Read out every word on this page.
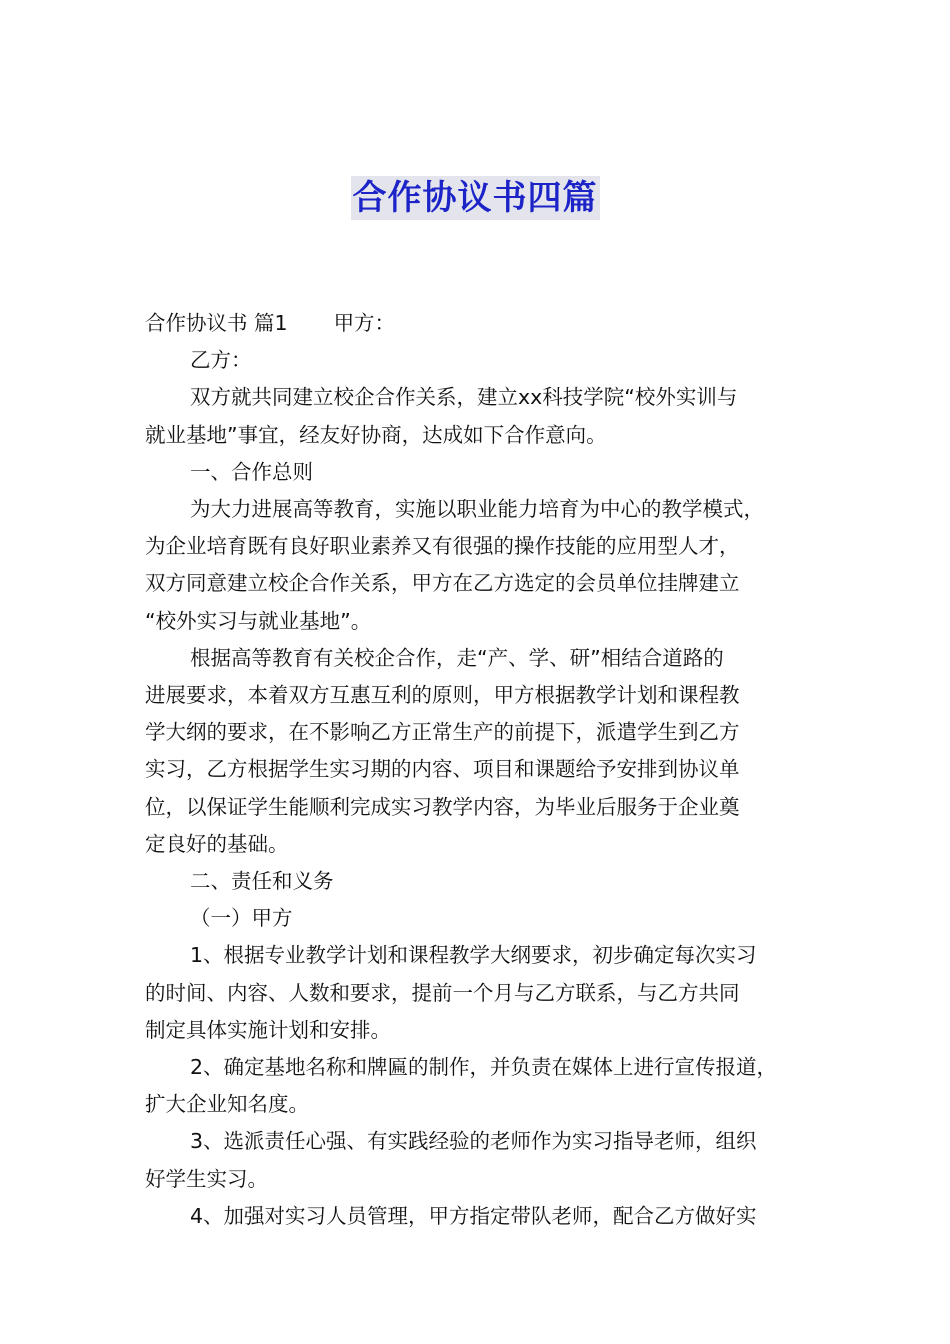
合作协议书四篇

合作协议书 篇1 甲方：

乙方：

双方就共同建立校企合作关系，建立xx科技学院“校外实训与

就业基地”事宜，经友好协商，达成如下合作意向。

一、合作总则

为大力进展高等教育，实施以职业能力培育为中心的教学模式，

为企业培育既有良好职业素养又有很强的操作技能的应用型人才，

双方同意建立校企合作关系，甲方在乙方选定的会员单位挂牌建立

“校外实习与就业基地”。

根据高等教育有关校企合作，走“产、学、研”相结合道路的

进展要求，本着双方互惠互利的原则，甲方根据教学计划和课程教

学大纲的要求，在不影响乙方正常生产的前提下，派遣学生到乙方

实习，乙方根据学生实习期的内容、项目和课题给予安排到协议单

位，以保证学生能顺利完成实习教学内容，为毕业后服务于企业奠

定良好的基础。

二、责任和义务

（一）甲方

1、根据专业教学计划和课程教学大纲要求，初步确定每次实习

的时间、内容、人数和要求，提前一个月与乙方联系，与乙方共同

制定具体实施计划和安排。

2、确定基地名称和牌匾的制作，并负责在媒体上进行宣传报道，

扩大企业知名度。

3、选派责任心强、有实践经验的老师作为实习指导老师，组织

好学生实习。

4、加强对实习人员管理，甲方指定带队老师，配合乙方做好实
